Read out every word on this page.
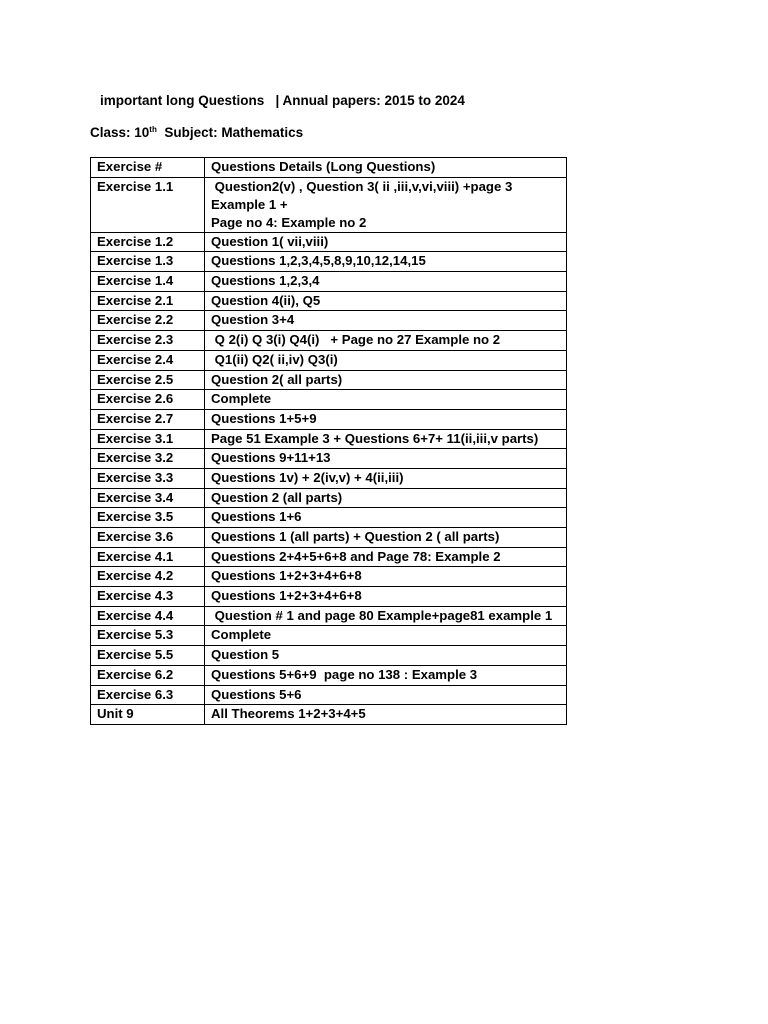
important long Questions   | Annual papers: 2015 to 2024
Class: 10th  Subject: Mathematics
Exercise #	Questions Details (Long Questions)
Exercise 1.1	Question2(v) , Question 3( ii ,iii,v,vi,viii) +page 3 Example 1 +
Page no 4: Example no 2
Exercise 1.2	Question 1( vii,viii)
Exercise 1.3	Questions 1,2,3,4,5,8,9,10,12,14,15
Exercise 1.4	Questions 1,2,3,4
Exercise 2.1	Question 4(ii), Q5
Exercise 2.2	Question 3+4
Exercise 2.3	Q 2(i) Q 3(i) Q4(i)   + Page no 27 Example no 2
Exercise 2.4	Q1(ii) Q2( ii,iv) Q3(i)
Exercise 2.5	Question 2( all parts)
Exercise 2.6	Complete
Exercise 2.7	Questions 1+5+9
Exercise 3.1	Page 51 Example 3 + Questions 6+7+ 11(ii,iii,v parts)
Exercise 3.2	Questions 9+11+13
Exercise 3.3	Questions 1v) + 2(iv,v) + 4(ii,iii)
Exercise 3.4	Question 2 (all parts)
Exercise 3.5	Questions 1+6
Exercise 3.6	Questions 1 (all parts) + Question 2 ( all parts)
Exercise 4.1	Questions 2+4+5+6+8 and Page 78: Example 2
Exercise 4.2	Questions 1+2+3+4+6+8
Exercise 4.3	Questions 1+2+3+4+6+8
Exercise 4.4	Question # 1 and page 80 Example+page81 example 1
Exercise 5.3	Complete
Exercise 5.5	Question 5
Exercise 6.2	Questions 5+6+9  page no 138 : Example 3
Exercise 6.3	Questions 5+6
Unit 9	All Theorems 1+2+3+4+5
